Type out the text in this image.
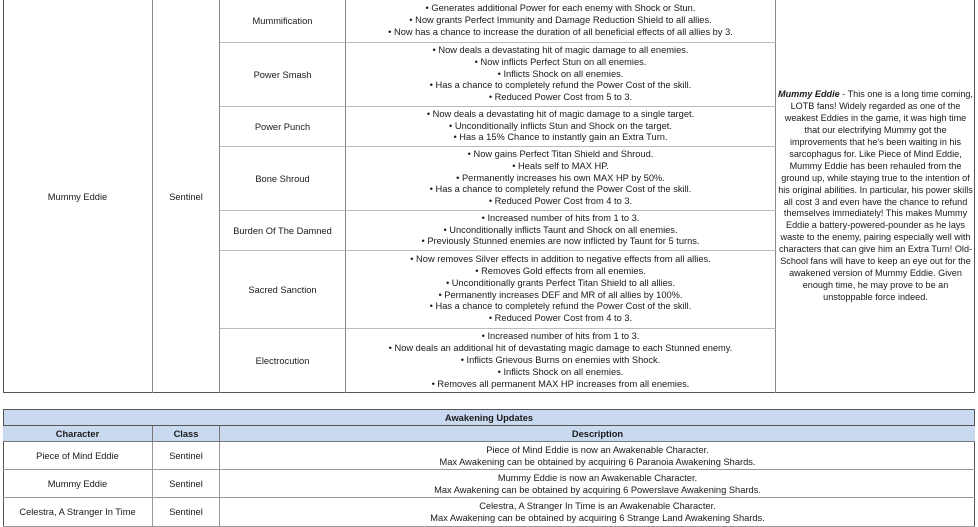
Mummy Eddie	Sentinel
Mummification
• Generates additional Power for each enemy with Shock or Stun.
• Now grants Perfect Immunity and Damage Reduction Shield to all allies.
• Now has a chance to increase the duration of all beneficial effects of all allies by 3.
Power Smash
• Now deals a devastating hit of magic damage to all enemies.
• Now inflicts Perfect Stun on all enemies.
• Inflicts Shock on all enemies.
• Has a chance to completely refund the Power Cost of the skill.
• Reduced Power Cost from 5 to 3.
Power Punch
• Now deals a devastating hit of magic damage to a single target.
• Unconditionally inflicts Stun and Shock on the target.
• Has a 15% Chance to instantly gain an Extra Turn.
Bone Shroud
• Now gains Perfect Titan Shield and Shroud.
• Heals self to MAX HP.
• Permanently increases his own MAX HP by 50%.
• Has a chance to completely refund the Power Cost of the skill.
• Reduced Power Cost from 4 to 3.
Burden Of The Damned
• Increased number of hits from 1 to 3.
• Unconditionally inflicts Taunt and Shock on all enemies.
• Previously Stunned enemies are now inflicted by Taunt for 5 turns.
Sacred Sanction
• Now removes Silver effects in addition to negative effects from all allies.
• Removes Gold effects from all enemies.
• Unconditionally grants Perfect Titan Shield to all allies.
• Permanently increases DEF and MR of all allies by 100%.
• Has a chance to completely refund the Power Cost of the skill.
• Reduced Power Cost from 4 to 3.
Electrocution
• Increased number of hits from 1 to 3.
• Now deals an additional hit of devastating magic damage to each Stunned enemy.
• Inflicts Grievous Burns on enemies with Shock.
• Inflicts Shock on all enemies.
• Removes all permanent MAX HP increases from all enemies.

Mummy Eddie - This one is a long time coming, LOTB fans! Widely regarded as one of the weakest Eddies in the game, it was high time that our electrifying Mummy got the improvements that he's been waiting in his sarcophagus for. Like Piece of Mind Eddie, Mummy Eddie has been rehauled from the ground up, while staying true to the intention of his original abilities. In particular, his power skills all cost 3 and even have the chance to refund themselves immediately! This makes Mummy Eddie a battery-powered-pounder as he lays waste to the enemy, pairing especially well with characters that can give him an Extra Turn! Old-School fans will have to keep an eye out for the awakened version of Mummy Eddie. Given enough time, he may prove to be an unstoppable force indeed.

Awakening Updates
Character	Class	Description
Piece of Mind Eddie	Sentinel
Piece of Mind Eddie is now an Awakenable Character.
Max Awakening can be obtained by acquiring 6 Paranoia Awakening Shards.
Mummy Eddie	Sentinel
Mummy Eddie is now an Awakenable Character.
Max Awakening can be obtained by acquiring 6 Powerslave Awakening Shards.
Celestra, A Stranger In Time	Sentinel
Celestra, A Stranger In Time is an Awakenable Character.
Max Awakening can be obtained by acquiring 6 Strange Land Awakening Shards.
